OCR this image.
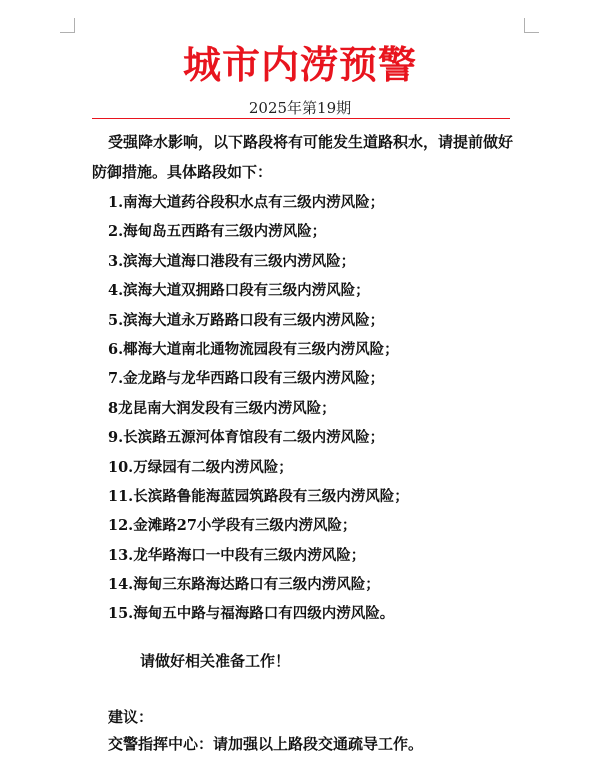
城市内涝预警
2025年第19期
受强降水影响，以下路段将有可能发生道路积水，请提前做好防御措施。具体路段如下：
1.南海大道药谷段积水点有三级内涝风险；
2.海甸岛五西路有三级内涝风险；
3.滨海大道海口港段有三级内涝风险；
4.滨海大道双拥路口段有三级内涝风险；
5.滨海大道永万路路口段有三级内涝风险；
6.椰海大道南北通物流园段有三级内涝风险；
7.金龙路与龙华西路口段有三级内涝风险；
8龙昆南大润发段有三级内涝风险；
9.长滨路五源河体育馆段有二级内涝风险；
10.万绿园有二级内涝风险；
11.长滨路鲁能海蓝园筑路段有三级内涝风险；
12.金滩路27小学段有三级内涝风险；
13.龙华路海口一中段有三级内涝风险；
14.海甸三东路海达路口有三级内涝风险；
15.海甸五中路与福海路口有四级内涝风险。
请做好相关准备工作！
建议：
交警指挥中心：请加强以上路段交通疏导工作。
